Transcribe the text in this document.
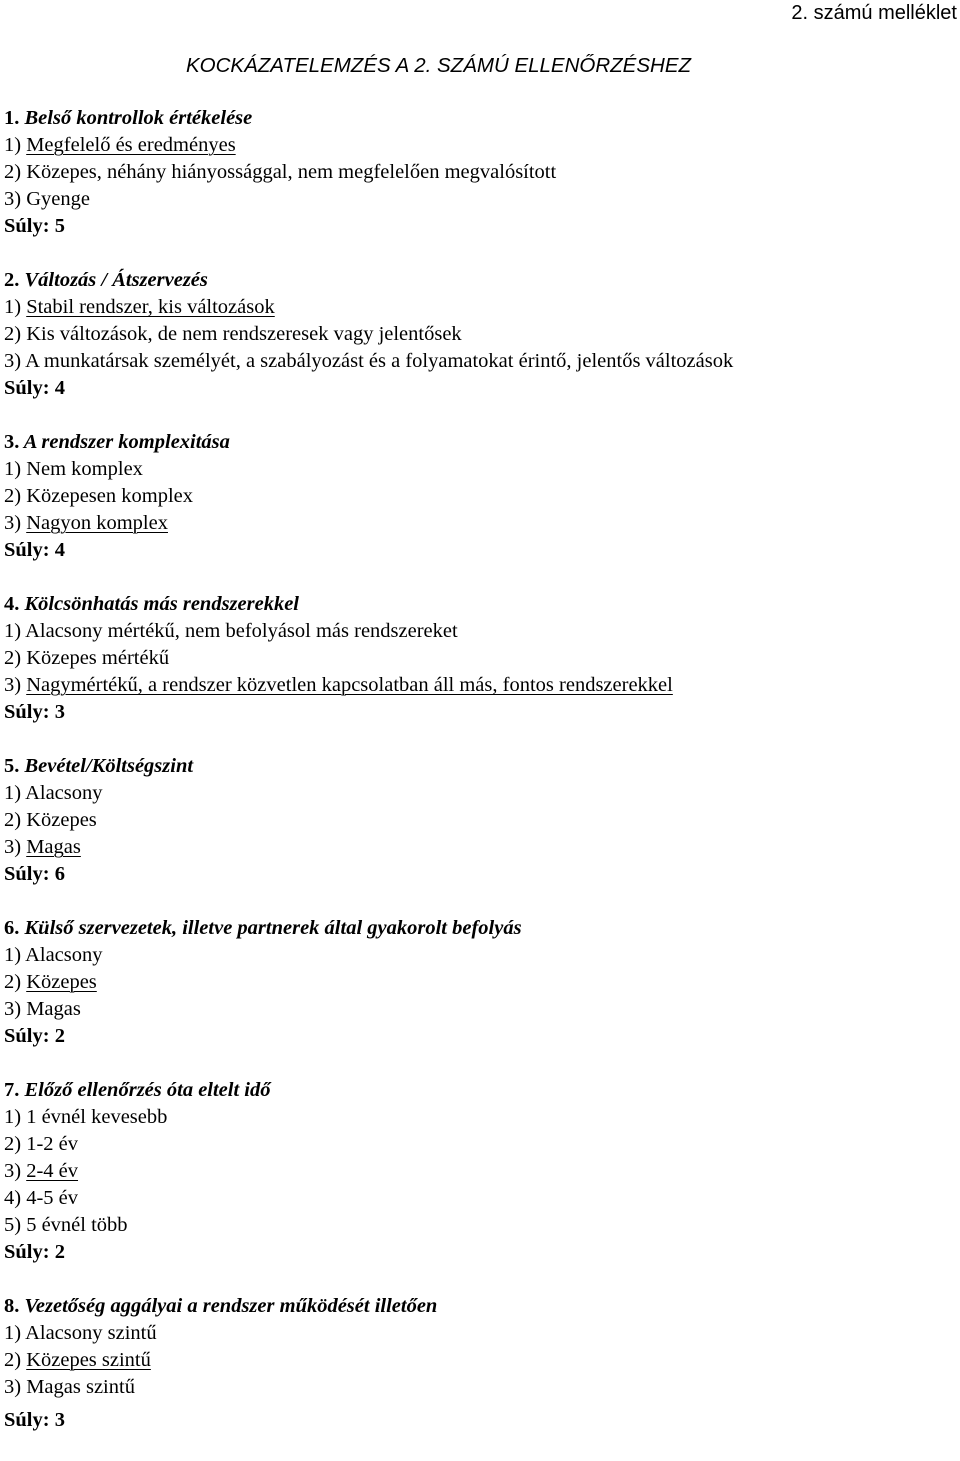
2. számú melléklet
KOCKÁZATELEMZÉS A 2. SZÁMÚ ELLENŐRZÉSHEZ
1. Belső kontrollok értékelése
1) Megfelelő és eredményes
2) Közepes, néhány hiányossággal, nem megfelelően megvalósított
3) Gyenge
Súly: 5
2. Változás / Átszervezés
1) Stabil rendszer, kis változások
2) Kis változások, de nem rendszeresek vagy jelentősek
3) A munkatársak személyét, a szabályozást és a folyamatokat érintő, jelentős változások
Súly: 4
3. A rendszer komplexitása
1) Nem komplex
2) Közepesen komplex
3) Nagyon komplex
Súly: 4
4. Kölcsönhatás más rendszerekkel
1) Alacsony mértékű, nem befolyásol más rendszereket
2) Közepes mértékű
3) Nagymértékű, a rendszer közvetlen kapcsolatban áll más, fontos rendszerekkel
Súly: 3
5. Bevétel/Költségszint
1) Alacsony
2) Közepes
3) Magas
Súly: 6
6. Külső szervezetek, illetve partnerek által gyakorolt befolyás
1) Alacsony
2) Közepes
3) Magas
Súly: 2
7. Előző ellenőrzés óta eltelt idő
1) 1 évnél kevesebb
2) 1-2 év
3) 2-4 év
4) 4-5 év
5) 5 évnél több
Súly: 2
8. Vezetőség aggályai a rendszer működését illetően
1) Alacsony szintű
2) Közepes szintű
3) Magas szintű
Súly: 3
